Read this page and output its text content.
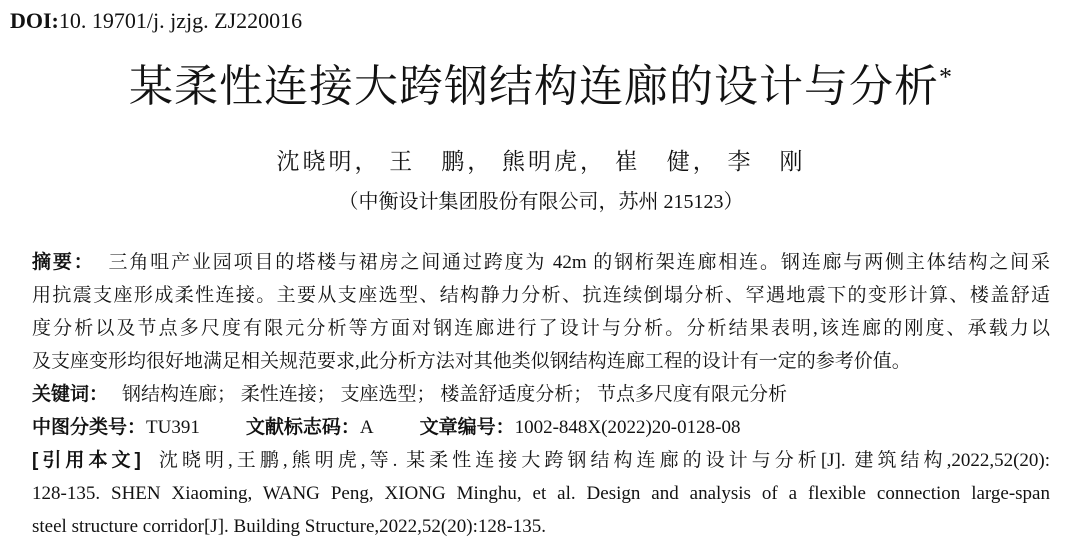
DOI:10. 19701/j. jzjg. ZJ220016
某柔性连接大跨钢结构连廊的设计与分析*
沈晓明， 王　鹏， 熊明虎， 崔　健， 李　刚
（中衡设计集团股份有限公司，苏州 215123）

摘要： 三角咀产业园项目的塔楼与裙房之间通过跨度为 42m 的钢桁架连廊相连。钢连廊与两侧主体结构之间采

用抗震支座形成柔性连接。主要从支座选型、结构静力分析、抗连续倒塌分析、罕遇地震下的变形计算、楼盖舒适

度分析以及节点多尺度有限元分析等方面对钢连廊进行了设计与分析。分析结果表明,该连廊的刚度、承载力以

及支座变形均很好地满足相关规范要求,此分析方法对其他类似钢结构连廊工程的设计有一定的参考价值。

关键词： 钢结构连廊； 柔性连接； 支座选型； 楼盖舒适度分析； 节点多尺度有限元分析

中图分类号：TU391 文献标志码：A 文章编号：1002-848X(2022)20-0128-08

[引用本文] 沈晓明,王鹏,熊明虎,等. 某柔性连接大跨钢结构连廊的设计与分析[J]. 建筑结构,2022,52(20):

128-135. SHEN Xiaoming, WANG Peng, XIONG Minghu, et al. Design and analysis of a flexible connection large-span

steel structure corridor[J]. Building Structure,2022,52(20):128-135.
